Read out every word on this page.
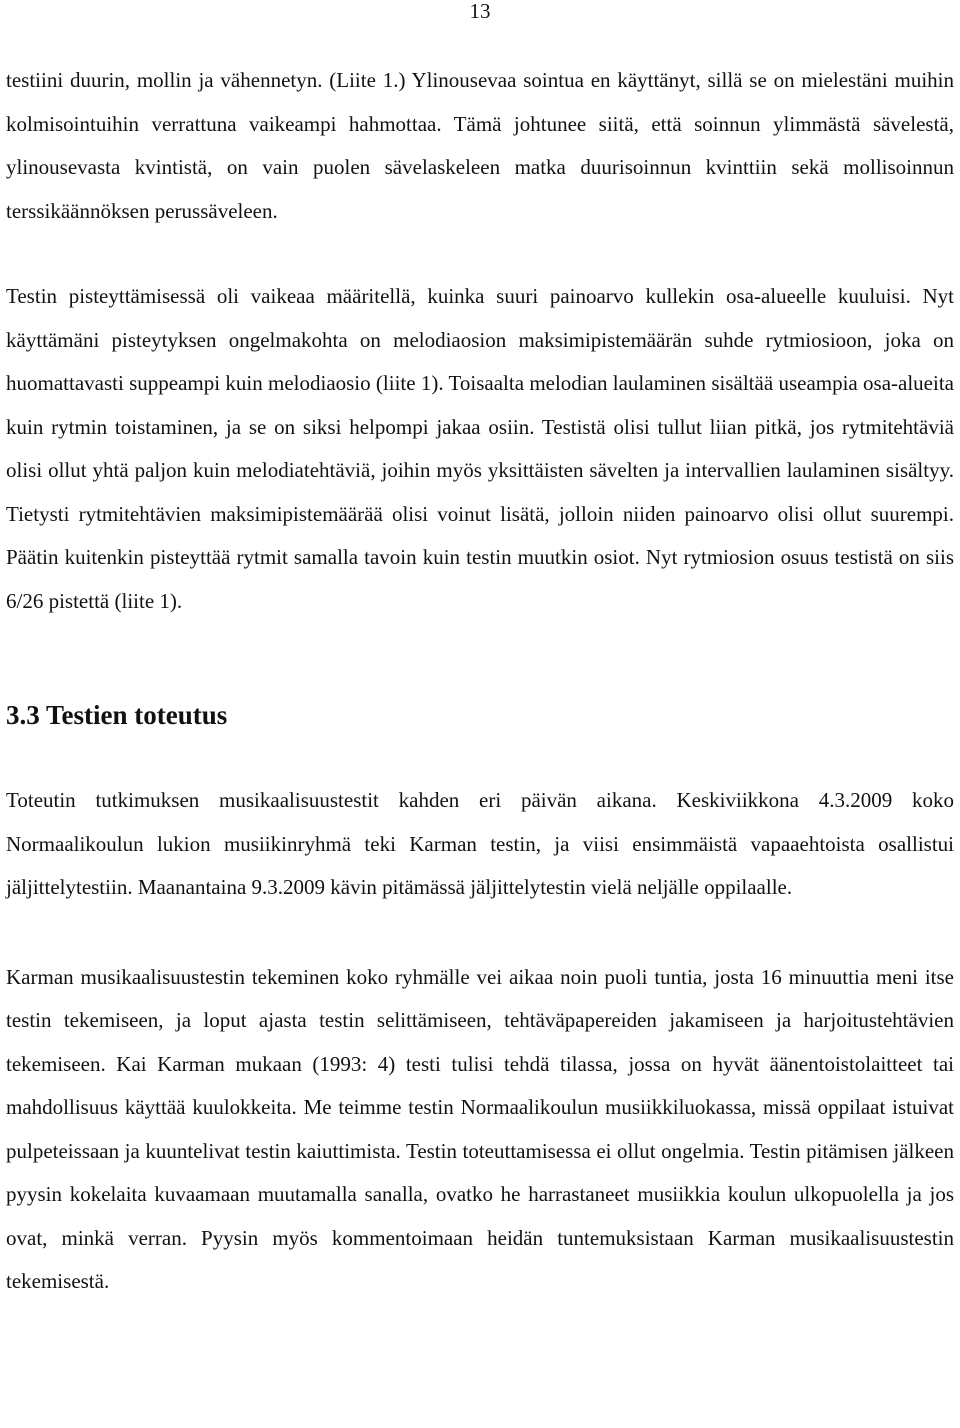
13

testiini duurin, mollin ja vähennetyn. (Liite 1.) Ylinousevaa sointua en käyttänyt, sillä se on mielestäni muihin kolmisointuihin verrattuna vaikeampi hahmottaa. Tämä johtunee siitä, että soinnun ylimmästä sävelestä, ylinousevasta kvintistä, on vain puolen sävelaskeleen matka duurisoinnun kvinttiin sekä mollisoinnun terssikäännöksen perussäveleen.

Testin pisteyttämisessä oli vaikeaa määritellä, kuinka suuri painoarvo kullekin osa-alueelle kuuluisi. Nyt käyttämäni pisteytyksen ongelmakohta on melodiaosion maksimipistemäärän suhde rytmiosioon, joka on huomattavasti suppeampi kuin melodiaosio (liite 1). Toisaalta melodian laulaminen sisältää useampia osa-alueita kuin rytmin toistaminen, ja se on siksi helpompi jakaa osiin. Testistä olisi tullut liian pitkä, jos rytmitehtäviä olisi ollut yhtä paljon kuin melodiatehtäviä, joihin myös yksittäisten sävelten ja intervallien laulaminen sisältyy. Tietysti rytmitehtävien maksimipistemäärää olisi voinut lisätä, jolloin niiden painoarvo olisi ollut suurempi. Päätin kuitenkin pisteyttää rytmit samalla tavoin kuin testin muutkin osiot. Nyt rytmiosion osuus testistä on siis 6/26 pistettä (liite 1).

3.3 Testien toteutus

Toteutin tutkimuksen musikaalisuustestit kahden eri päivän aikana. Keskiviikkona 4.3.2009 koko Normaalikoulun lukion musiikinryhmä teki Karman testin, ja viisi ensimmäistä vapaaehtoista osallistui jäljittelytestiin. Maanantaina 9.3.2009 kävin pitämässä jäljittelytestin vielä neljälle oppilaalle.

Karman musikaalisuustestin tekeminen koko ryhmälle vei aikaa noin puoli tuntia, josta 16 minuuttia meni itse testin tekemiseen, ja loput ajasta testin selittämiseen, tehtäväpapereiden jakamiseen ja harjoitustehtävien tekemiseen. Kai Karman mukaan (1993: 4) testi tulisi tehdä tilassa, jossa on hyvät äänentoistolaitteet tai mahdollisuus käyttää kuulokkeita. Me teimme testin Normaalikoulun musiikkiluokassa, missä oppilaat istuivat pulpeteissaan ja kuuntelivat testin kaiuttimista. Testin toteuttamisessa ei ollut ongelmia. Testin pitämisen jälkeen pyysin kokelaita kuvaamaan muutamalla sanalla, ovatko he harrastaneet musiikkia koulun ulkopuolella ja jos ovat, minkä verran. Pyysin myös kommentoimaan heidän tuntemuksistaan Karman musikaalisuustestin tekemisestä.
